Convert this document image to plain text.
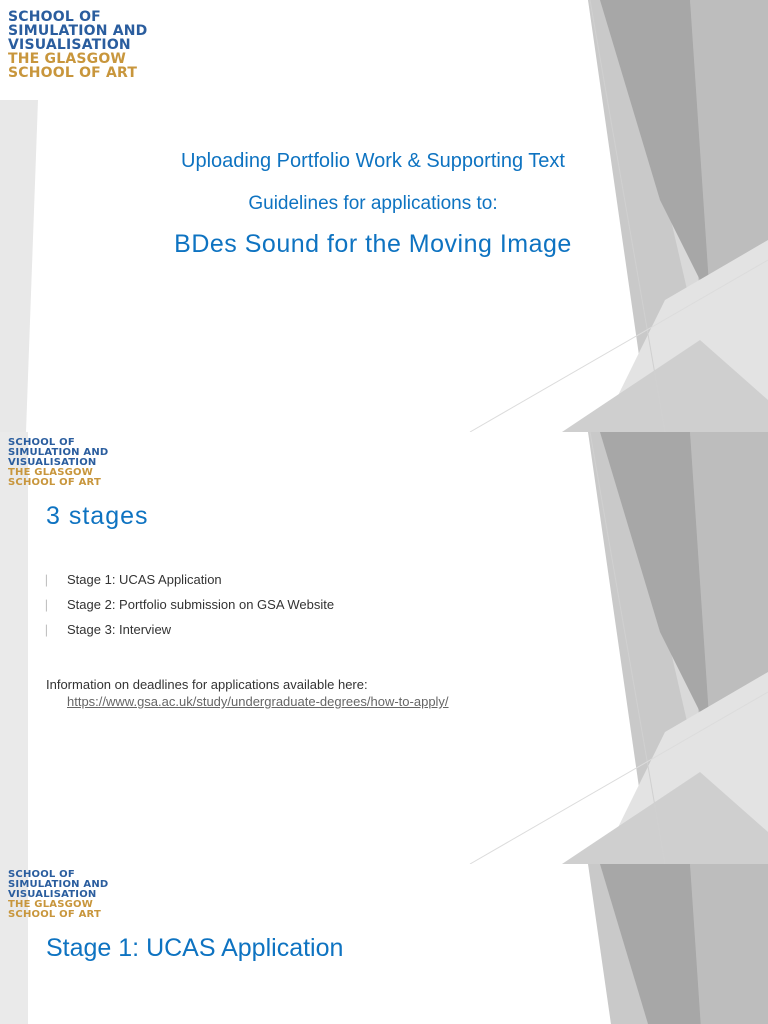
SCHOOL OF
SIMULATION AND
VISUALISATION
THE GLASGOW
SCHOOL OF ART
Uploading Portfolio Work & Supporting Text
Guidelines for applications to:
BDes Sound for the Moving Image
SCHOOL OF
SIMULATION AND
VISUALISATION
THE GLASGOW
SCHOOL OF ART
3 stages
▏ Stage 1: UCAS Application
▏ Stage 2: Portfolio submission on GSA Website
▏ Stage 3: Interview
Information on deadlines for applications available here:
https://www.gsa.ac.uk/study/undergraduate-degrees/how-to-apply/
SCHOOL OF
SIMULATION AND
VISUALISATION
THE GLASGOW
SCHOOL OF ART
Stage 1: UCAS Application
